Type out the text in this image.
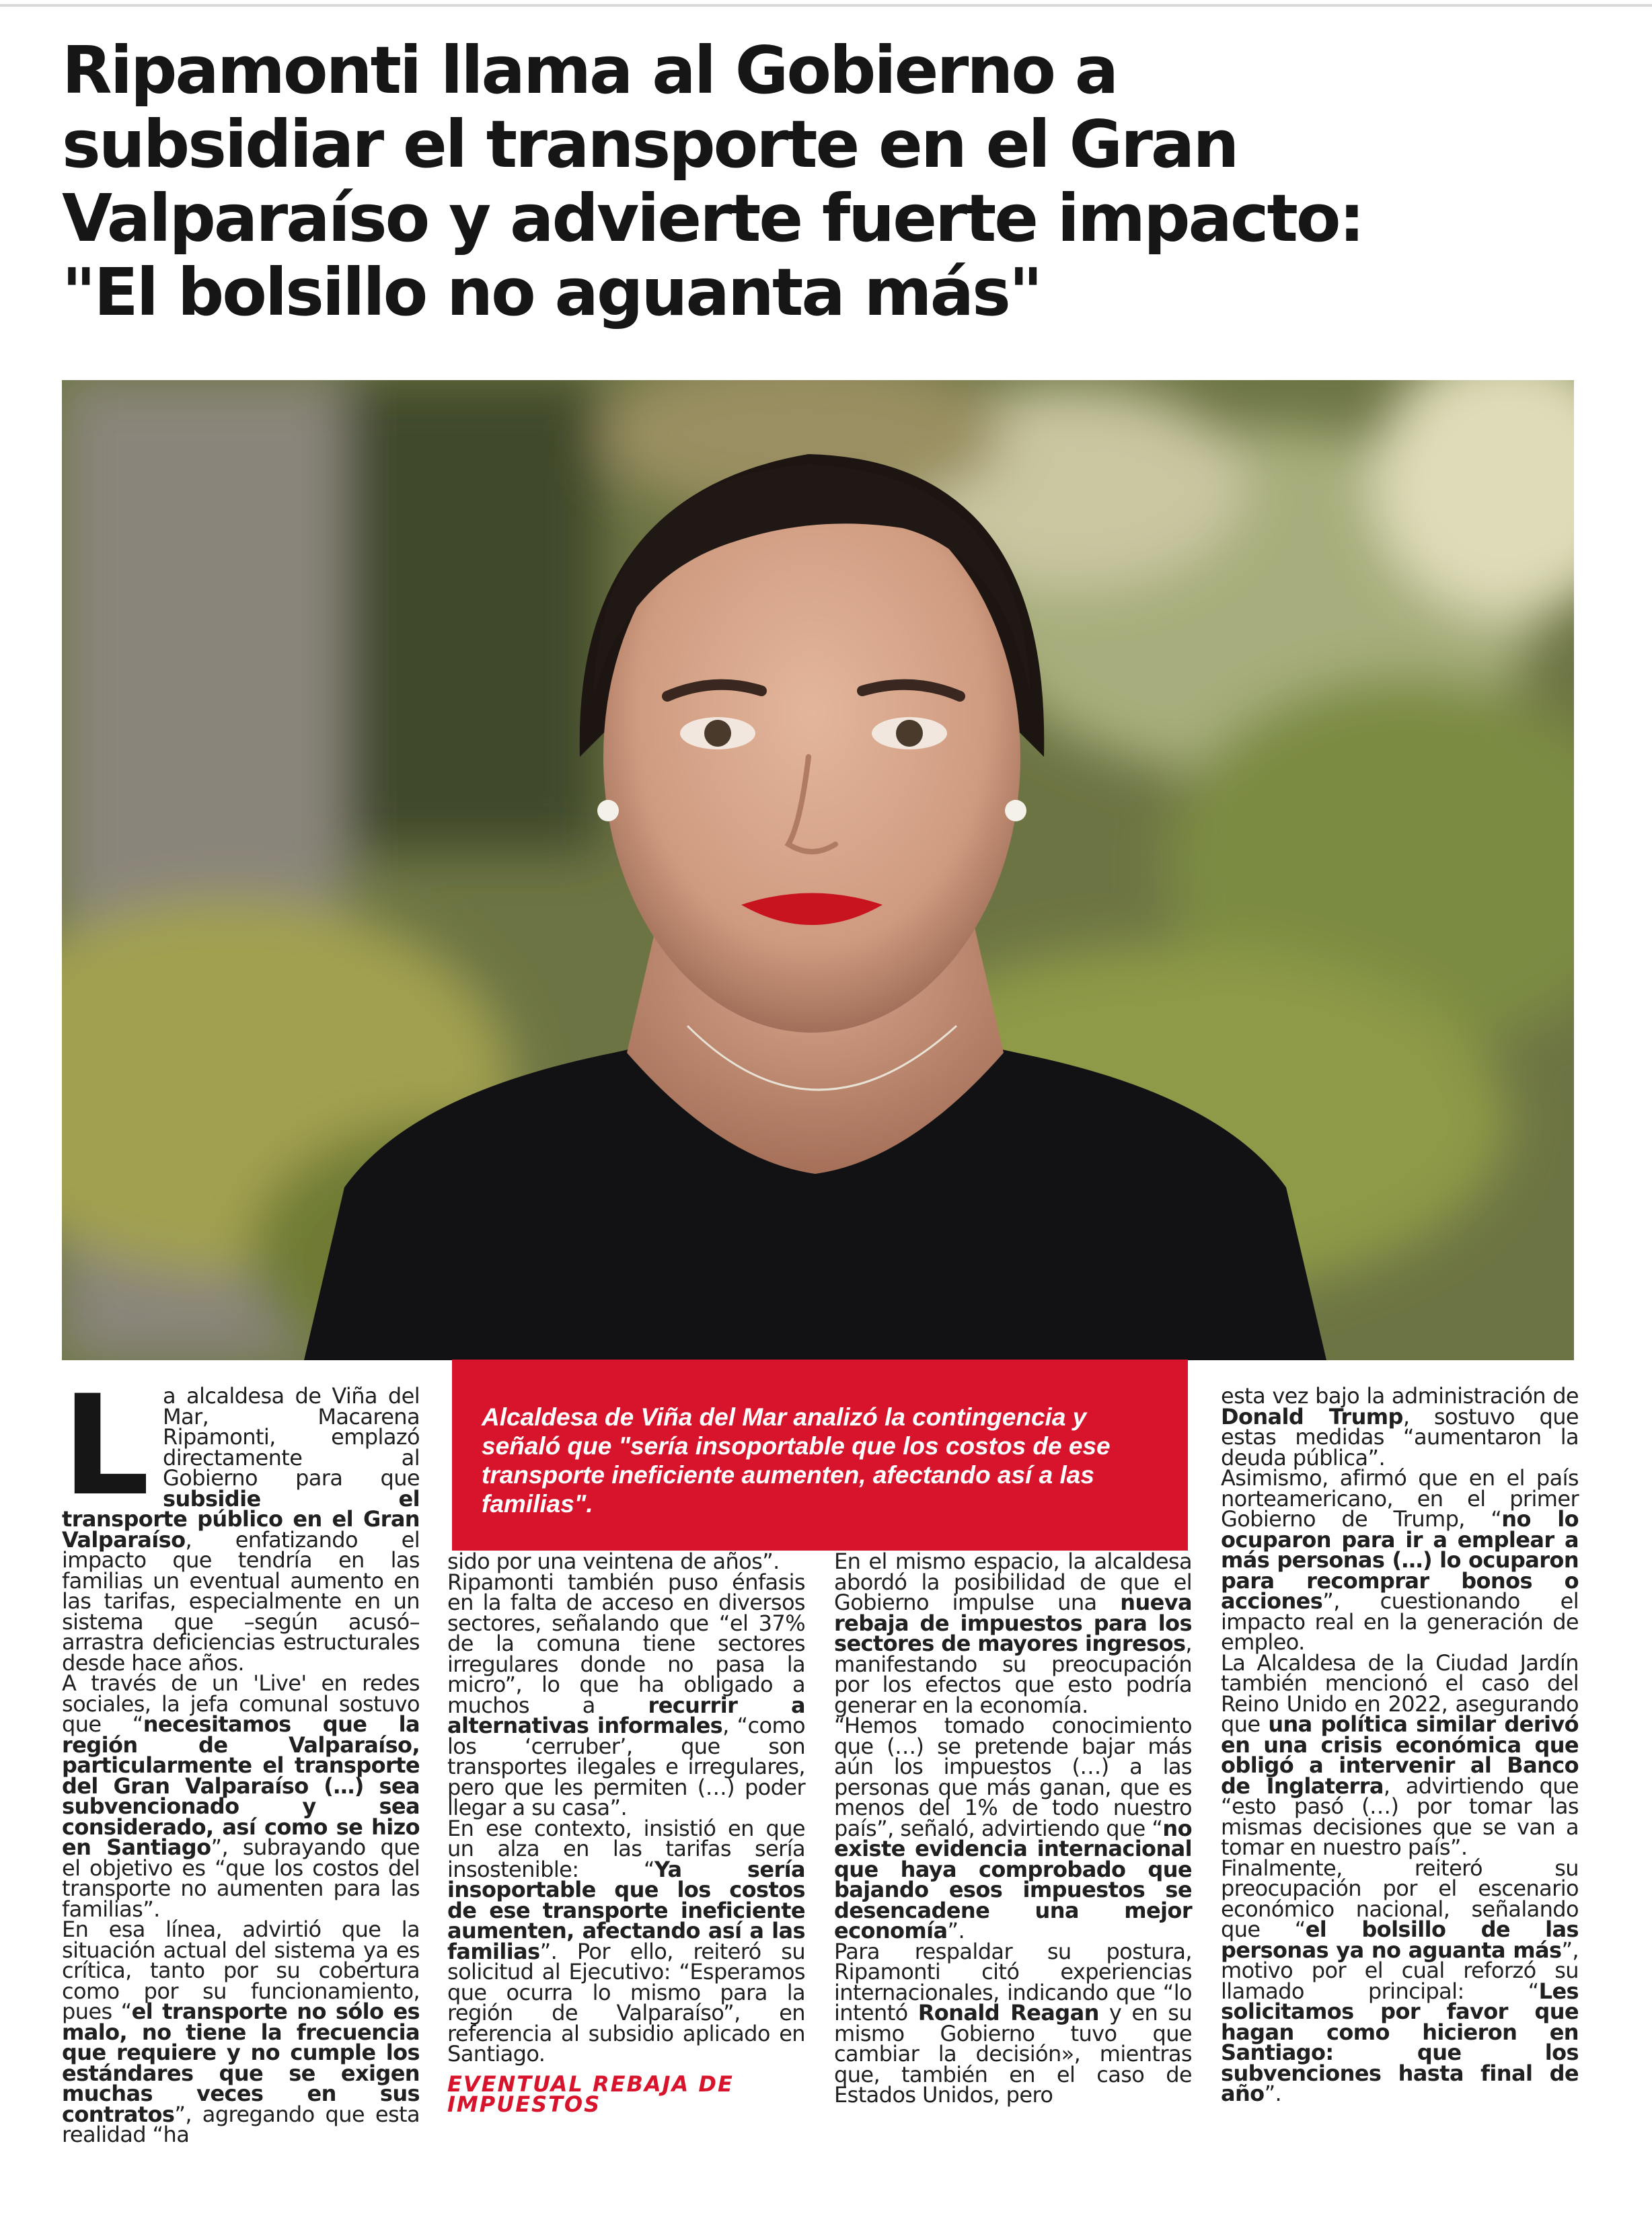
Ripamonti llama al Gobierno a
subsidiar el transporte en el Gran
Valparaíso y advierte fuerte impacto:
"El bolsillo no aguanta más"

Alcaldesa de Viña del Mar analizó la contingencia y señaló que "sería insoportable que los costos de ese transporte ineficiente aumenten, afectando así a las familias".

L a alcaldesa de Viña del Mar, Macarena Ripamonti, emplazó directamente al Gobierno para que subsidie el transporte público en el Gran Valparaíso, enfatizando el impacto que tendría en las familias un eventual aumento en las tarifas, especialmente en un sistema que –según acusó– arrastra deficiencias estructurales desde hace años.

A través de un 'Live' en redes sociales, la jefa comunal sostuvo que “necesitamos que la región de Valparaíso, particularmente el transporte del Gran Valparaíso (…) sea subvencionado y sea considerado, así como se hizo en Santiago”, subrayando que el objetivo es “que los costos del transporte no aumenten para las familias”.

En esa línea, advirtió que la situación actual del sistema ya es crítica, tanto por su cobertura como por su funcionamiento, pues “el transporte no sólo es malo, no tiene la frecuencia que requiere y no cumple los estándares que se exigen muchas veces en sus contratos”, agregando que esta realidad “ha

sido por una veintena de años”.

Ripamonti también puso énfasis en la falta de acceso en diversos sectores, señalando que “el 37% de la comuna tiene sectores irregulares donde no pasa la micro”, lo que ha obligado a muchos a recurrir a alternativas informales, “como los ‘cerruber’, que son transportes ilegales e irregulares, pero que les permiten (…) poder llegar a su casa”.

En ese contexto, insistió en que un alza en las tarifas sería insostenible: “Ya sería insoportable que los costos de ese transporte ineficiente aumenten, afectando así a las familias”. Por ello, reiteró su solicitud al Ejecutivo: “Esperamos que ocurra lo mismo para la región de Valparaíso”, en referencia al subsidio aplicado en Santiago.

EVENTUAL REBAJA DE IMPUESTOS

En el mismo espacio, la alcaldesa abordó la posibilidad de que el Gobierno impulse una nueva rebaja de impuestos para los sectores de mayores ingresos, manifestando su preocupación por los efectos que esto podría generar en la economía.

“Hemos tomado conocimiento que (…) se pretende bajar más aún los impuestos (…) a las personas que más ganan, que es menos del 1% de todo nuestro país”, señaló, advirtiendo que “no existe evidencia internacional que haya comprobado que bajando esos impuestos se desencadene una mejor economía”.

Para respaldar su postura, Ripamonti citó experiencias internacionales, indicando que “lo intentó Ronald Reagan y en su mismo Gobierno tuvo que cambiar la decisión», mientras que, también en el caso de Estados Unidos, pero

esta vez bajo la administración de Donald Trump, sostuvo que estas medidas “aumentaron la deuda pública”.

Asimismo, afirmó que en el país norteamericano, en el primer Gobierno de Trump, “no lo ocuparon para ir a emplear a más personas (…) lo ocuparon para recomprar bonos o acciones”, cuestionando el impacto real en la generación de empleo.

La Alcaldesa de la Ciudad Jardín también mencionó el caso del Reino Unido en 2022, asegurando que una política similar derivó en una crisis económica que obligó a intervenir al Banco de Inglaterra, advirtiendo que “esto pasó (…) por tomar las mismas decisiones que se van a tomar en nuestro país”.

Finalmente, reiteró su preocupación por el escenario económico nacional, señalando que “el bolsillo de las personas ya no aguanta más”, motivo por el cual reforzó su llamado principal: “Les solicitamos por favor que hagan como hicieron en Santiago: que los subvenciones hasta final de año”.
